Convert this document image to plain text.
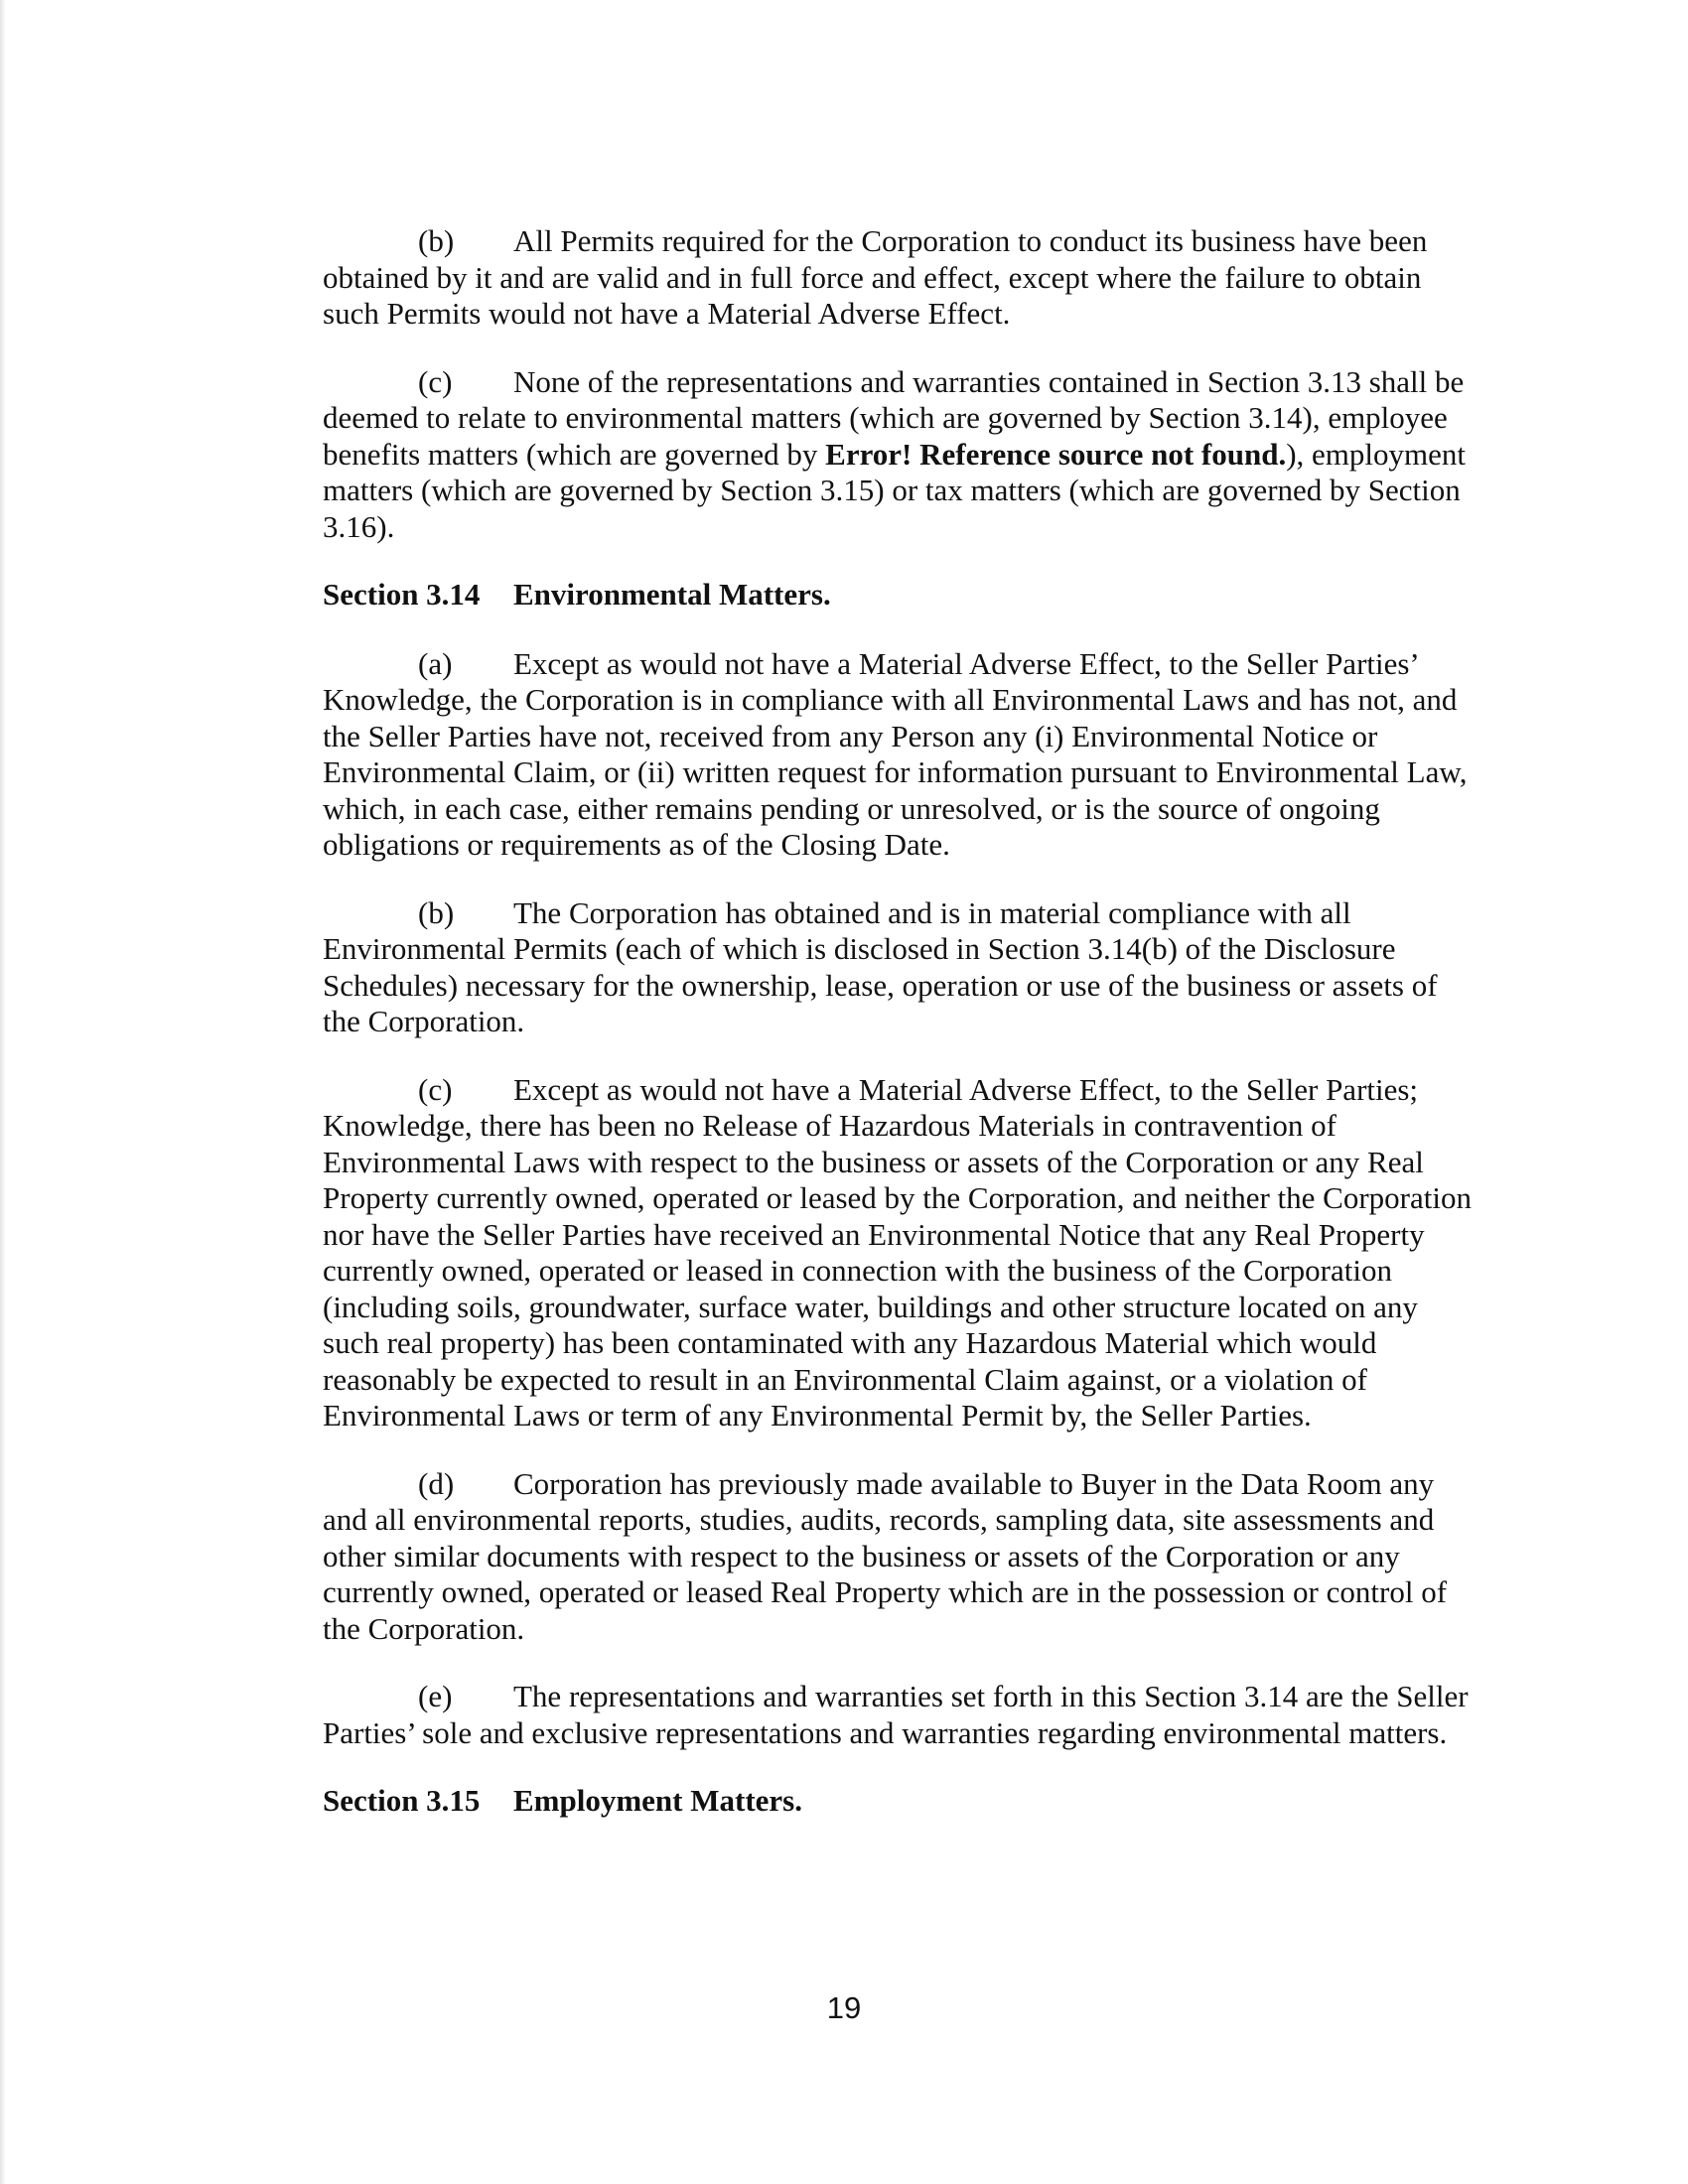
(b) All Permits required for the Corporation to conduct its business have been obtained by it and are valid and in full force and effect, except where the failure to obtain such Permits would not have a Material Adverse Effect.

(c) None of the representations and warranties contained in Section 3.13 shall be deemed to relate to environmental matters (which are governed by Section 3.14), employee benefits matters (which are governed by Error! Reference source not found.), employment matters (which are governed by Section 3.15) or tax matters (which are governed by Section 3.16).

Section 3.14 Environmental Matters.

(a) Except as would not have a Material Adverse Effect, to the Seller Parties’ Knowledge, the Corporation is in compliance with all Environmental Laws and has not, and the Seller Parties have not, received from any Person any (i) Environmental Notice or Environmental Claim, or (ii) written request for information pursuant to Environmental Law, which, in each case, either remains pending or unresolved, or is the source of ongoing obligations or requirements as of the Closing Date.

(b) The Corporation has obtained and is in material compliance with all Environmental Permits (each of which is disclosed in Section 3.14(b) of the Disclosure Schedules) necessary for the ownership, lease, operation or use of the business or assets of the Corporation.

(c) Except as would not have a Material Adverse Effect, to the Seller Parties; Knowledge, there has been no Release of Hazardous Materials in contravention of Environmental Laws with respect to the business or assets of the Corporation or any Real Property currently owned, operated or leased by the Corporation, and neither the Corporation nor have the Seller Parties have received an Environmental Notice that any Real Property currently owned, operated or leased in connection with the business of the Corporation (including soils, groundwater, surface water, buildings and other structure located on any such real property) has been contaminated with any Hazardous Material which would reasonably be expected to result in an Environmental Claim against, or a violation of Environmental Laws or term of any Environmental Permit by, the Seller Parties.

(d) Corporation has previously made available to Buyer in the Data Room any and all environmental reports, studies, audits, records, sampling data, site assessments and other similar documents with respect to the business or assets of the Corporation or any currently owned, operated or leased Real Property which are in the possession or control of the Corporation.

(e) The representations and warranties set forth in this Section 3.14 are the Seller Parties’ sole and exclusive representations and warranties regarding environmental matters.

Section 3.15 Employment Matters.

19
